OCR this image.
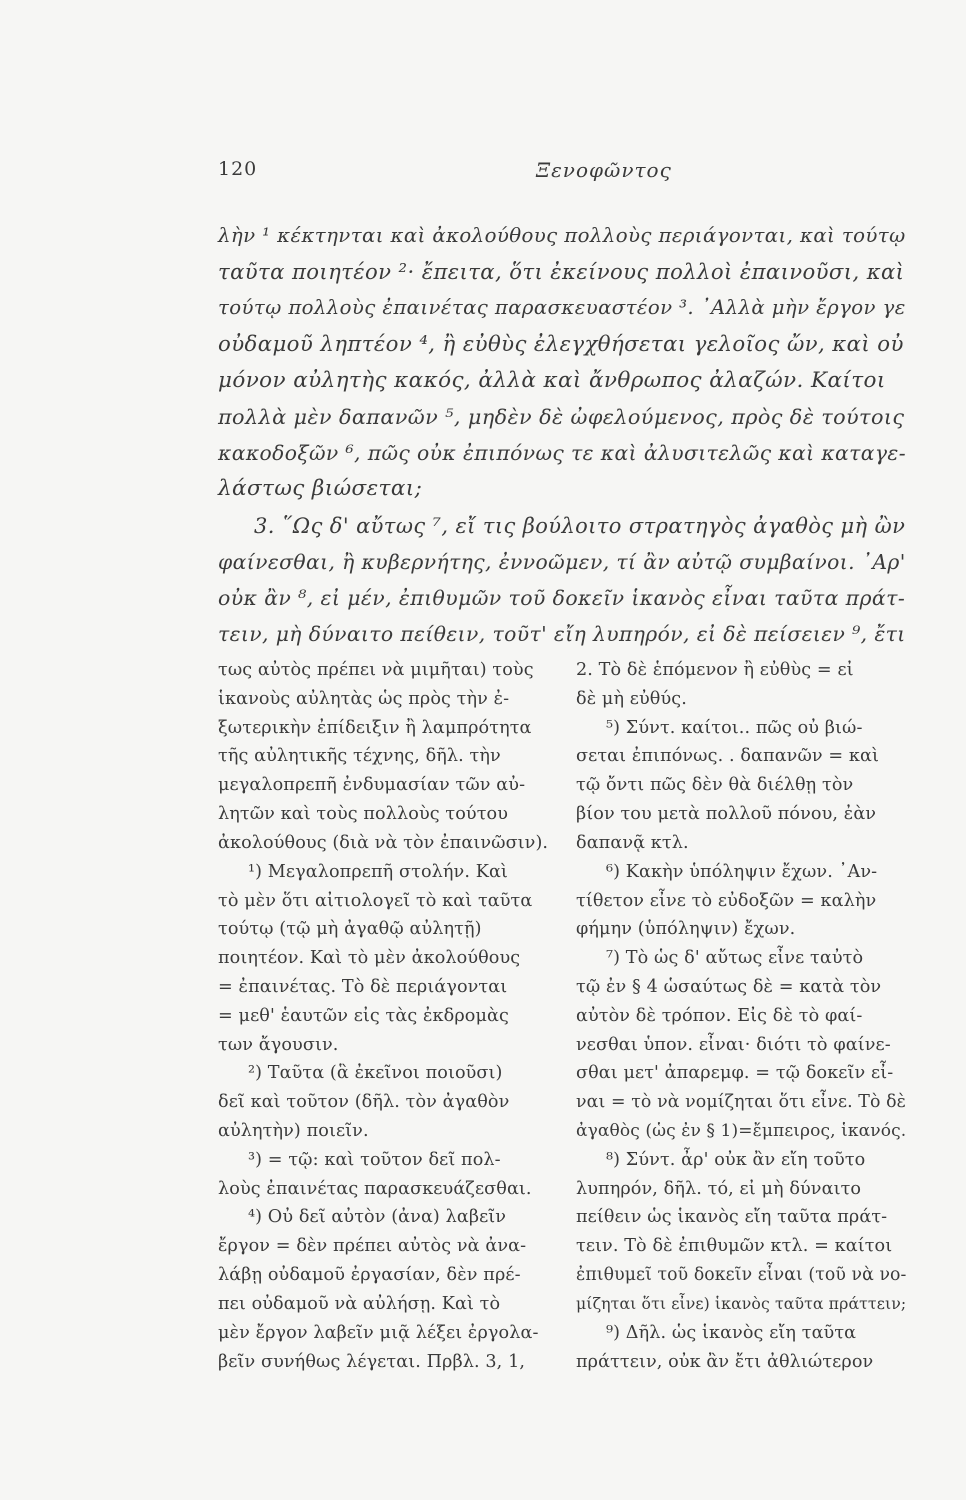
120	Ξενοφῶντος
λὴν ¹ κέκτηνται καὶ ἀκολούθους πολλοὺς περιάγονται, καὶ τούτῳ
ταῦτα ποιητέον ²· ἔπειτα, ὅτι ἐκείνους πολλοὶ ἐπαινοῦσι, καὶ
τούτῳ πολλοὺς ἐπαινέτας παρασκευαστέον ³. ᾿Αλλὰ μὴν ἔργον γε
οὐδαμοῦ ληπτέον ⁴, ἢ εὐθὺς ἐλεγχθήσεται γελοῖος ὤν, καὶ οὐ
μόνον αὐλητὴς κακός, ἀλλὰ καὶ ἄνθρωπος ἀλαζών. Καίτοι
πολλὰ μὲν δαπανῶν ⁵, μηδὲν δὲ ὠφελούμενος, πρὸς δὲ τούτοις
κακοδοξῶν ⁶, πῶς οὐκ ἐπιπόνως τε καὶ ἀλυσιτελῶς καὶ καταγε-
λάστως βιώσεται;
3. ῞Ως δ' αὔτως ⁷, εἴ τις βούλοιτο στρατηγὸς ἀγαθὸς μὴ ὢν
φαίνεσθαι, ἢ κυβερνήτης, ἐννοῶμεν, τί ἂν αὐτῷ συμβαίνοι. ᾿Αρ'
οὐκ ἂν ⁸, εἰ μέν, ἐπιθυμῶν τοῦ δοκεῖν ἱκανὸς εἶναι ταῦτα πράτ-
τειν, μὴ δύναιτο πείθειν, τοῦτ' εἴη λυπηρόν, εἰ δὲ πείσειεν ⁹, ἔτι
τως αὐτὸς πρέπει νὰ μιμῆται) τοὺς
ἱκανοὺς αὐλητὰς ὡς πρὸς τὴν ἐ-
ξωτερικὴν ἐπίδειξιν ἢ λαμπρότητα
τῆς αὐλητικῆς τέχνης, δῆλ. τὴν
μεγαλοπρεπῆ ἐνδυμασίαν τῶν αὐ-
λητῶν καὶ τοὺς πολλοὺς τούτου
ἀκολούθους (διὰ νὰ τὸν ἐπαινῶσιν).
¹) Μεγαλοπρεπῆ στολήν. Καὶ
τὸ μὲν ὅτι αἰτιολογεῖ τὸ καὶ ταῦτα
τούτῳ (τῷ μὴ ἀγαθῷ αὐλητῇ)
ποιητέον. Καὶ τὸ μὲν ἀκολούθους
= ἐπαινέτας. Τὸ δὲ περιάγονται
= μεθ' ἑαυτῶν εἰς τὰς ἐκδρομὰς
των ἄγουσιν.
²) Ταῦτα (ἃ ἐκεῖνοι ποιοῦσι)
δεῖ καὶ τοῦτον (δῆλ. τὸν ἀγαθὸν
αὐλητὴν) ποιεῖν.
³) = τῷ: καὶ τοῦτον δεῖ πολ-
λοὺς ἐπαινέτας παρασκευάζεσθαι.
⁴) Οὐ δεῖ αὐτὸν (ἀνα) λαβεῖν
ἔργον = δὲν πρέπει αὐτὸς νὰ ἀνα-
λάβῃ οὐδαμοῦ ἐργασίαν, δὲν πρέ-
πει οὐδαμοῦ νὰ αὐλήσῃ. Καὶ τὸ
μὲν ἔργον λαβεῖν μιᾷ λέξει ἐργολα-
βεῖν συνήθως λέγεται. Πρβλ. 3, 1,
2. Τὸ δὲ ἑπόμενον ἢ εὐθὺς = εἰ
δὲ μὴ εὐθύς.
⁵) Σύντ. καίτοι.. πῶς οὐ βιώ-
σεται ἐπιπόνως. . δαπανῶν = καὶ
τῷ ὄντι πῶς δὲν θὰ διέλθῃ τὸν
βίον του μετὰ πολλοῦ πόνου, ἐὰν
δαπανᾷ κτλ.
⁶) Κακὴν ὑπόληψιν ἔχων. ᾿Αν-
τίθετον εἶνε τὸ εὐδοξῶν = καλὴν
φήμην (ὑπόληψιν) ἔχων.
⁷) Τὸ ὡς δ' αὔτως εἶνε ταὐτὸ
τῷ ἐν § 4 ὡσαύτως δὲ = κατὰ τὸν
αὐτὸν δὲ τρόπον. Εἰς δὲ τὸ φαί-
νεσθαι ὑπον. εἶναι· διότι τὸ φαίνε-
σθαι μετ' ἀπαρεμφ. = τῷ δοκεῖν εἶ-
ναι = τὸ νὰ νομίζηται ὅτι εἶνε. Τὸ δὲ
ἀγαθὸς (ὡς ἐν § 1)=ἔμπειρος, ἱκανός.
⁸) Σύντ. ἆρ' οὐκ ἂν εἴη τοῦτο
λυπηρόν, δῆλ. τό, εἰ μὴ δύναιτο
πείθειν ὡς ἱκανὸς εἴη ταῦτα πράτ-
τειν. Τὸ δὲ ἐπιθυμῶν κτλ. = καίτοι
ἐπιθυμεῖ τοῦ δοκεῖν εἶναι (τοῦ νὰ νο-
μίζηται ὅτι εἶνε) ἱκανὸς ταῦτα πράττειν;
⁹) Δῆλ. ὡς ἱκανὸς εἴη ταῦτα
πράττειν, οὐκ ἂν ἔτι ἀθλιώτερον
